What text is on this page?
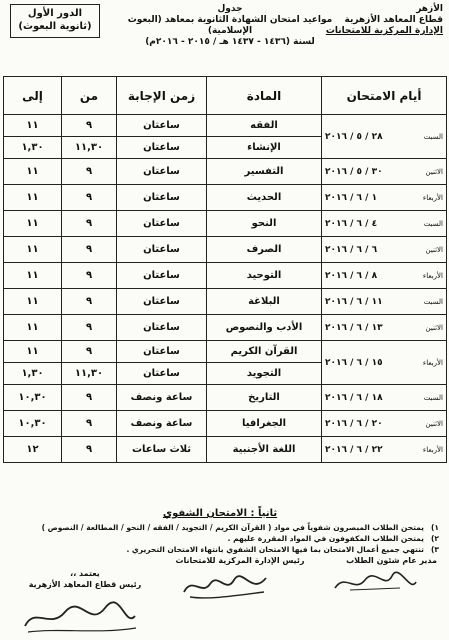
الأزهر
قطاع المعاهد الأزهرية
الإدارة المركزية للامتحانات
جدول
مواعيد امتحان الشهادة الثانوية بمعاهد (البعوث الإسلامية)
لسنة (١٤٣٦ - ١٤٣٧ هـ / ٢٠١٥ - ٢٠١٦م)
الدور الأول
(ثانوية البعوث)
أيام الامتحان	المادة	زمن الإجابة	من	إلى

السبت
٢٨ / ٥ / ٢٠١٦	الفقه	ساعتان	٩	١١
	الإنشاء	ساعتان	١١,٣٠	١,٣٠

الاثنين
٣٠ / ٥ / ٢٠١٦	التفسير	ساعتان	٩	١١

الأربعاء
١ / ٦ / ٢٠١٦	الحديث	ساعتان	٩	١١

السبت
٤ / ٦ / ٢٠١٦	النحو	ساعتان	٩	١١

الاثنين
٦ / ٦ / ٢٠١٦	الصرف	ساعتان	٩	١١

الأربعاء
٨ / ٦ / ٢٠١٦	التوحيد	ساعتان	٩	١١

السبت
١١ / ٦ / ٢٠١٦	البلاغة	ساعتان	٩	١١

الاثنين
١٣ / ٦ / ٢٠١٦	الأدب والنصوص	ساعتان	٩	١١

الأربعاء
١٥ / ٦ / ٢٠١٦	القرآن الكريم	ساعتان	٩	١١
	التجويد	ساعتان	١١,٣٠	١,٣٠

السبت
١٨ / ٦ / ٢٠١٦	التاريخ	ساعة ونصف	٩	١٠,٣٠

الاثنين
٢٠ / ٦ / ٢٠١٦	الجغرافيا	ساعة ونصف	٩	١٠,٣٠

الأربعاء
٢٢ / ٦ / ٢٠١٦	اللغة الأجنبية	ثلاث ساعات	٩	١٢
ثانياً : الامتحان الشفوي
١)
يمتحن الطلاب المبصرون شفوياً في مواد ( القرآن الكريم / التجويد / الفقه / النحو / المطالعة / النصوص )
٢)
يمتحن الطلاب المكفوفون في المواد المقررة عليهم .
٣)
تنتهي جميع أعمال الامتحان بما فيها الامتحان الشفوي بانتهاء الامتحان التحريري .
مدير عام شئون الطلاب
رئيس الإدارة المركزية للامتحانات
يعتمد ،،
رئيس قطاع المعاهد الأزهرية
